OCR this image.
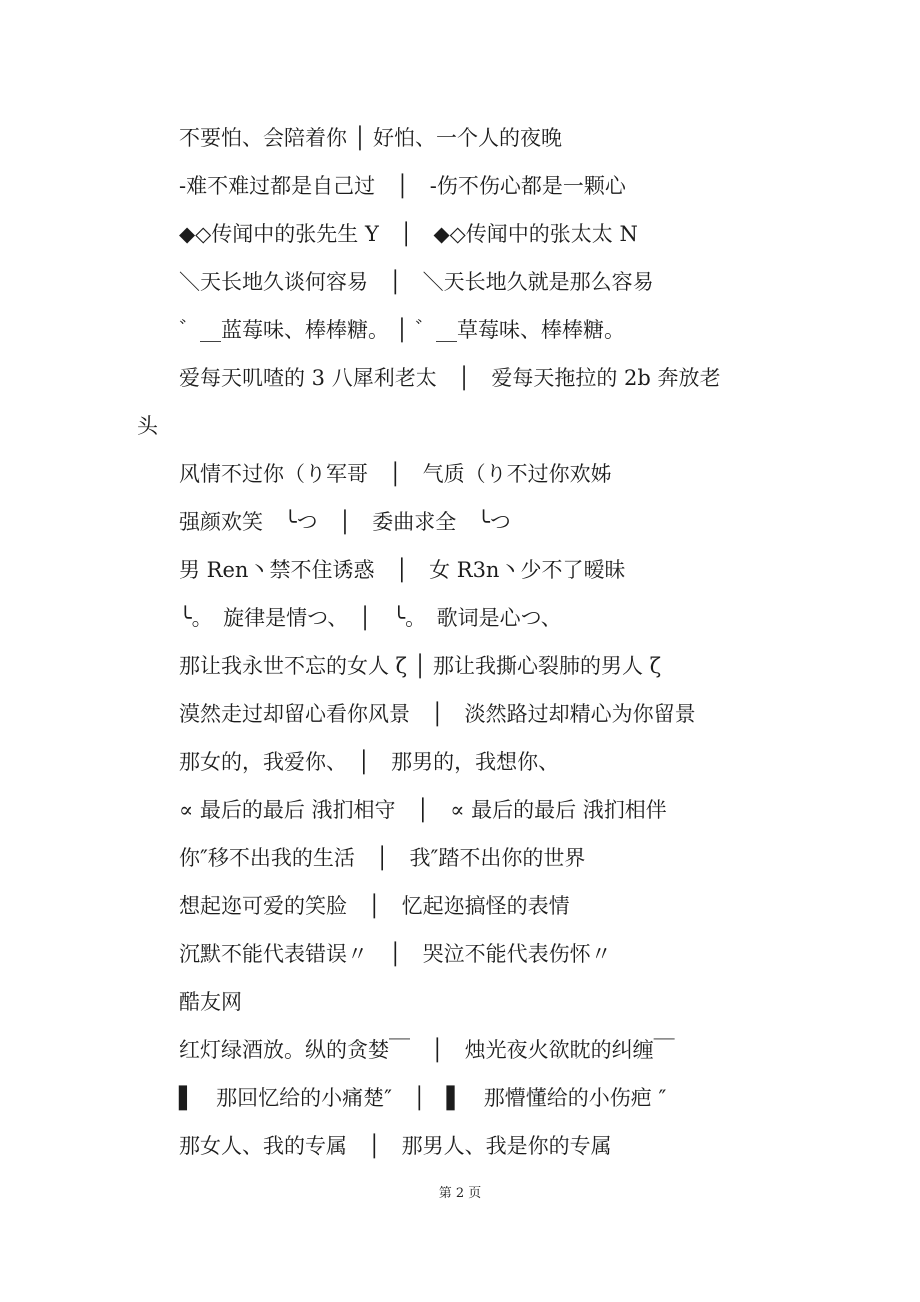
不要怕、会陪着你 │ 好怕、一个人的夜晚

-难不难过都是自己过　│　-伤不伤心都是一颗心

◆◇传闻中的张先生 Y　│　◆◇传闻中的张太太 N

＼天长地久谈何容易　│　＼天长地久就是那么容易

゛__蓝莓味、棒棒糖。 │ ゛__草莓味、棒棒糖。

爱每天叽喳的 3 八犀利老太　│　爱每天拖拉的 2b 奔放老

头

风情不过你（り军哥　│　气质（り不过你欢姊

强颜欢笑　╰つ　│　委曲求全　╰つ

男 Ren丶禁不住诱惑　│　女 R3n丶少不了暧昧

╰。　旋律是情つ、　│　╰。　歌词是心つ、

那让我永世不忘的女人 ζ │ 那让我撕心裂肺的男人 ζ

漠然走过却留心看你风景　│　淡然路过却精心为你留景

那女的，我爱你、　│　那男的，我想你、

∝ 最后的最后 涐扪相守　│　∝ 最后的最后 涐扪相伴

你″移不出我的生活　│　我″踏不出你的世界

想起迩可爱的笑脸　│　忆起迩搞怪的表情

沉默不能代表错误〃　│　哭泣不能代表伤怀〃

酷友网

红灯绿酒放。纵的贪婪￣　│　烛光夜火欲眈的纠缠￣

▌　那回忆给的小痛楚″　│　▌　那懵懂给的小伤疤 ″

那女人、我的专属　│　那男人、我是你的专属

第 2 页
